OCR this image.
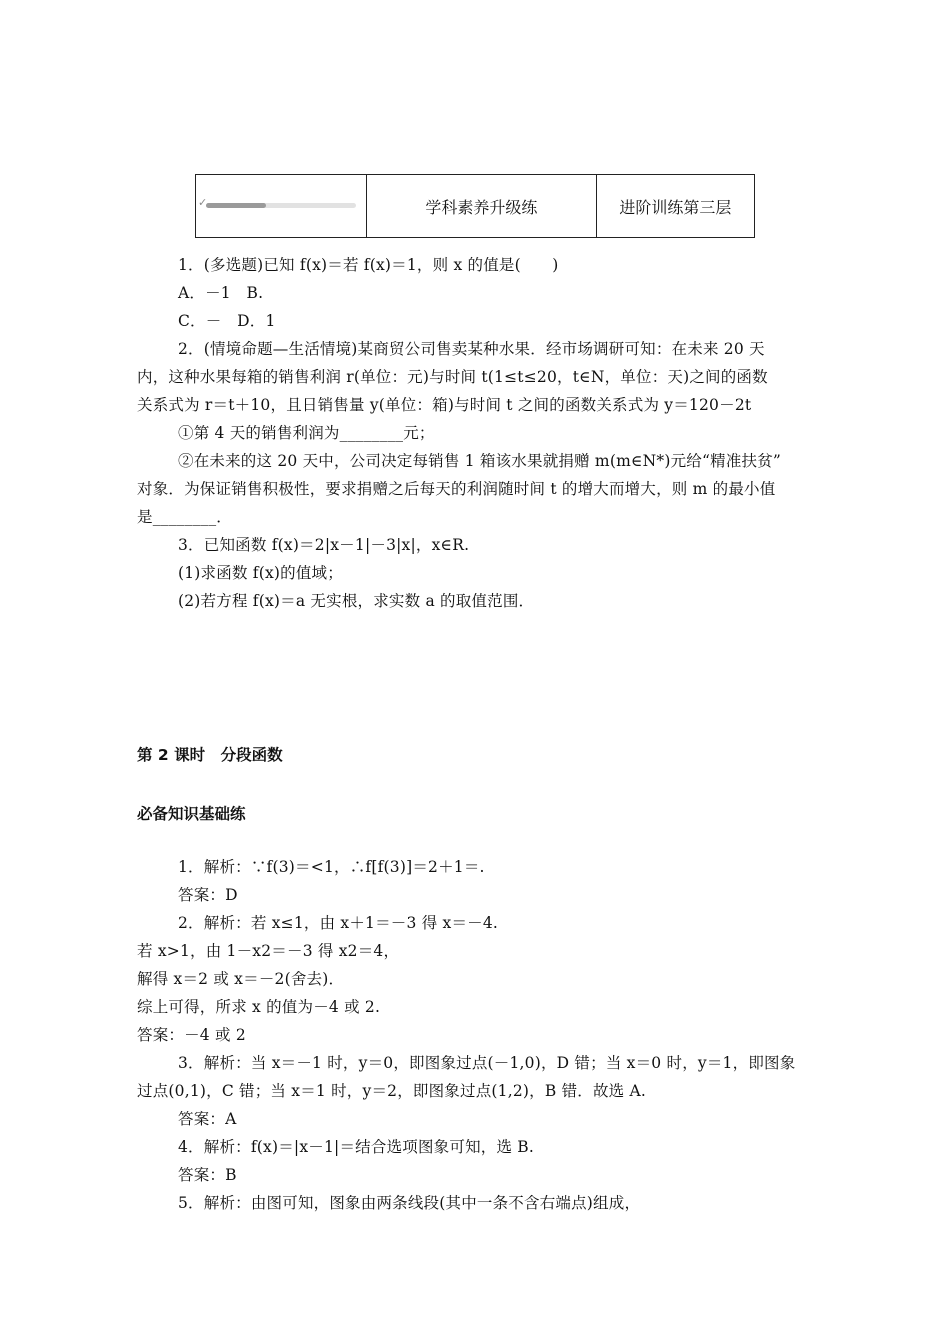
✓	学科素养升级练	进阶训练第三层
1．(多选题)已知 f(x)＝若 f(x)＝1，则 x 的值是(　　)
A．－1　B.
C．－　D．1
2．(情境命题—生活情境)某商贸公司售卖某种水果．经市场调研可知：在未来 20 天
内，这种水果每箱的销售利润 r(单位：元)与时间 t(1≤t≤20，t∈N，单位：天)之间的函数
关系式为 r＝t＋10，且日销售量 y(单位：箱)与时间 t 之间的函数关系式为 y＝120－2t
①第 4 天的销售利润为________元；
②在未来的这 20 天中，公司决定每销售 1 箱该水果就捐赠 m(m∈N*)元给“精准扶贫”
对象．为保证销售积极性，要求捐赠之后每天的利润随时间 t 的增大而增大，则 m 的最小值
是________．
3．已知函数 f(x)＝2|x－1|－3|x|，x∈R.
(1)求函数 f(x)的值域；
(2)若方程 f(x)＝a 无实根，求实数 a 的取值范围．
第 2 课时　分段函数
必备知识基础练
1．解析：∵f(3)＝<1，∴f[f(3)]＝2＋1＝.
答案：D
2．解析：若 x≤1，由 x＋1＝－3 得 x＝－4.
若 x>1，由 1－x2＝－3 得 x2＝4，
解得 x＝2 或 x＝－2(舍去)．
综上可得，所求 x 的值为－4 或 2.
答案：－4 或 2
3．解析：当 x＝－1 时，y＝0，即图象过点(－1,0)，D 错；当 x＝0 时，y＝1，即图象
过点(0,1)，C 错；当 x＝1 时，y＝2，即图象过点(1,2)，B 错．故选 A.
答案：A
4．解析：f(x)＝|x－1|＝结合选项图象可知，选 B.
答案：B
5．解析：由图可知，图象由两条线段(其中一条不含右端点)组成，
